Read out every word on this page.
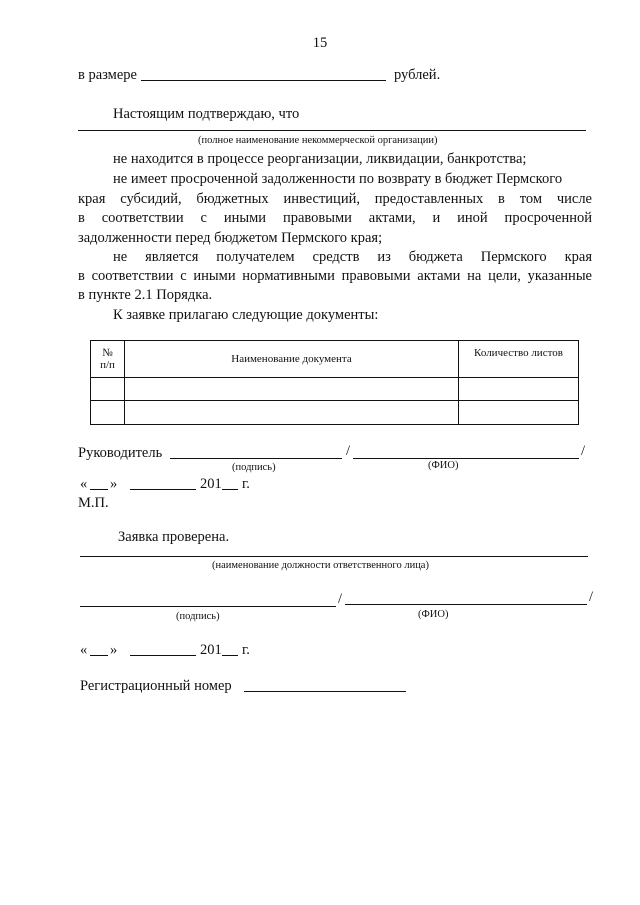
15
в размере	рублей.
Настоящим подтверждаю, что
(полное наименование некоммерческой организации)
не находится в процессе реорганизации, ликвидации, банкротства;
не имеет просроченной задолженности по возврату в бюджет Пермского
края субсидий, бюджетных инвестиций, предоставленных в том числе
в соответствии с иными правовыми актами, и иной просроченной
задолженности перед бюджетом Пермского края;
не является получателем средств из бюджета Пермского края
в соответствии с иными нормативными правовыми актами на цели, указанные
в пункте 2.1 Порядка.
К заявке прилагаю следующие документы:
№
п/п	Наименование документа	Количество листов

Руководитель	/	/
(подпись)	(ФИО)
« »	201 г.
М.П.
Заявка проверена.
(наименование должности ответственного лица)
/	/
(подпись)	(ФИО)
« »	201 г.
Регистрационный номер
